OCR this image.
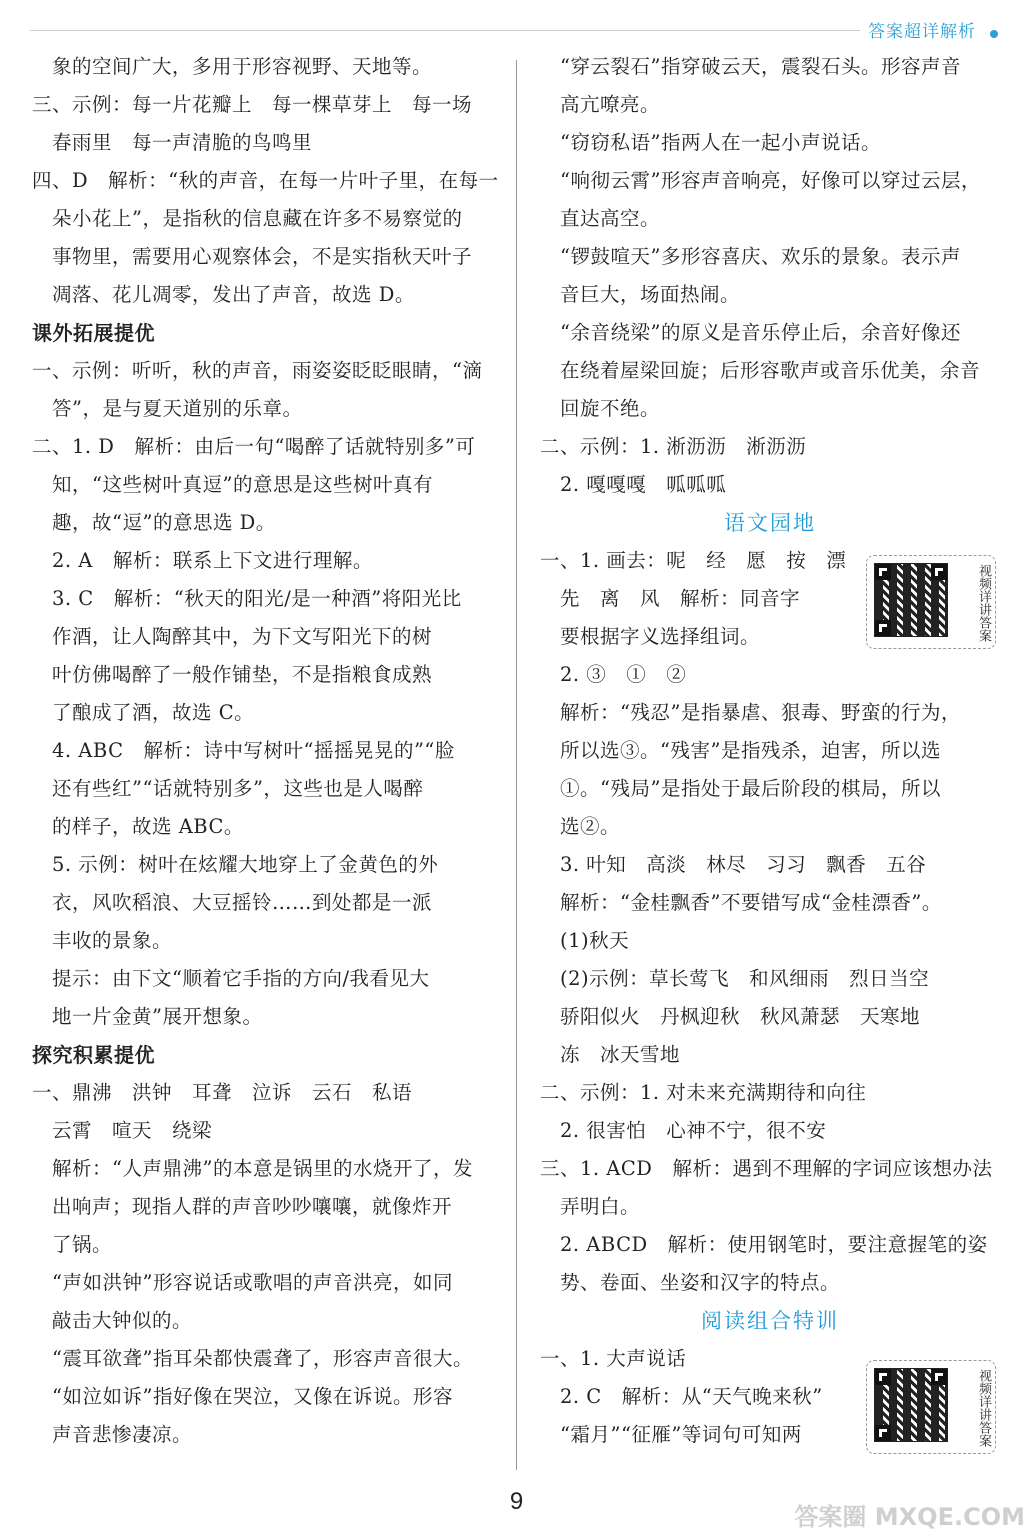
答案超详解析
　象的空间广大，多用于形容视野、天地等。
三、示例：每一片花瓣上　每一棵草芽上　每一场
　春雨里　每一声清脆的鸟鸣里
四、D　解析：“秋的声音，在每一片叶子里，在每一
　朵小花上”，是指秋的信息藏在许多不易察觉的
　事物里，需要用心观察体会，不是实指秋天叶子
　凋落、花儿凋零，发出了声音，故选 D。
课外拓展提优
一、示例：听听，秋的声音，雨姿姿眨眨眼睛，“滴
　答”，是与夏天道别的乐章。
二、1. D　解析：由后一句“喝醉了话就特别多”可
　知，“这些树叶真逗”的意思是这些树叶真有
　趣，故“逗”的意思选 D。
　2. A　解析：联系上下文进行理解。
　3. C　解析：“秋天的阳光/是一种酒”将阳光比
　作酒，让人陶醉其中，为下文写阳光下的树
　叶仿佛喝醉了一般作铺垫，不是指粮食成熟
　了酿成了酒，故选 C。
　4. ABC　解析：诗中写树叶“摇摇晃晃的”“脸
　还有些红”“话就特别多”，这些也是人喝醉
　的样子，故选 ABC。
　5. 示例：树叶在炫耀大地穿上了金黄色的外
　衣，风吹稻浪、大豆摇铃……到处都是一派
　丰收的景象。
　提示：由下文“顺着它手指的方向/我看见大
　地一片金黄”展开想象。
探究积累提优
一、鼎沸　洪钟　耳聋　泣诉　云石　私语
　云霄　喧天　绕梁
　解析：“人声鼎沸”的本意是锅里的水烧开了，发
　出响声；现指人群的声音吵吵嚷嚷，就像炸开
　了锅。
　“声如洪钟”形容说话或歌唱的声音洪亮，如同
　敲击大钟似的。
　“震耳欲聋”指耳朵都快震聋了，形容声音很大。
　“如泣如诉”指好像在哭泣，又像在诉说。形容
　声音悲惨凄凉。
　“穿云裂石”指穿破云天，震裂石头。形容声音
　高亢嘹亮。
　“窃窃私语”指两人在一起小声说话。
　“响彻云霄”形容声音响亮，好像可以穿过云层，
　直达高空。
　“锣鼓喧天”多形容喜庆、欢乐的景象。表示声
　音巨大，场面热闹。
　“余音绕梁”的原义是音乐停止后，余音好像还
　在绕着屋梁回旋；后形容歌声或音乐优美，余音
　回旋不绝。
二、示例：1. 淅沥沥　淅沥沥
　2. 嘎嘎嘎　呱呱呱
语文园地
一、1. 画去：呢　经　愿　按　漂
　先　离　风　解析：同音字
　要根据字义选择组词。
　2. ③　①　②
　解析：“残忍”是指暴虐、狠毒、野蛮的行为，
　所以选③。“残害”是指残杀，迫害，所以选
　①。“残局”是指处于最后阶段的棋局，所以
　选②。
　3. 叶知　高淡　林尽　习习　飘香　五谷
　解析：“金桂飘香”不要错写成“金桂漂香”。
　(1)秋天
　(2)示例：草长莺飞　和风细雨　烈日当空
　骄阳似火　丹枫迎秋　秋风萧瑟　天寒地
　冻　冰天雪地
二、示例：1. 对未来充满期待和向往
　2. 很害怕　心神不宁，很不安
三、1. ACD　解析：遇到不理解的字词应该想办法
　弄明白。
　2. ABCD　解析：使用钢笔时，要注意握笔的姿
　势、卷面、坐姿和汉字的特点。
阅读组合特训
一、1. 大声说话
　2. C　解析：从“天气晚来秋”
　“霜月”“征雁”等词句可知两
视频详讲答案
视频详讲答案
9
答案圈 MXQE.COM
